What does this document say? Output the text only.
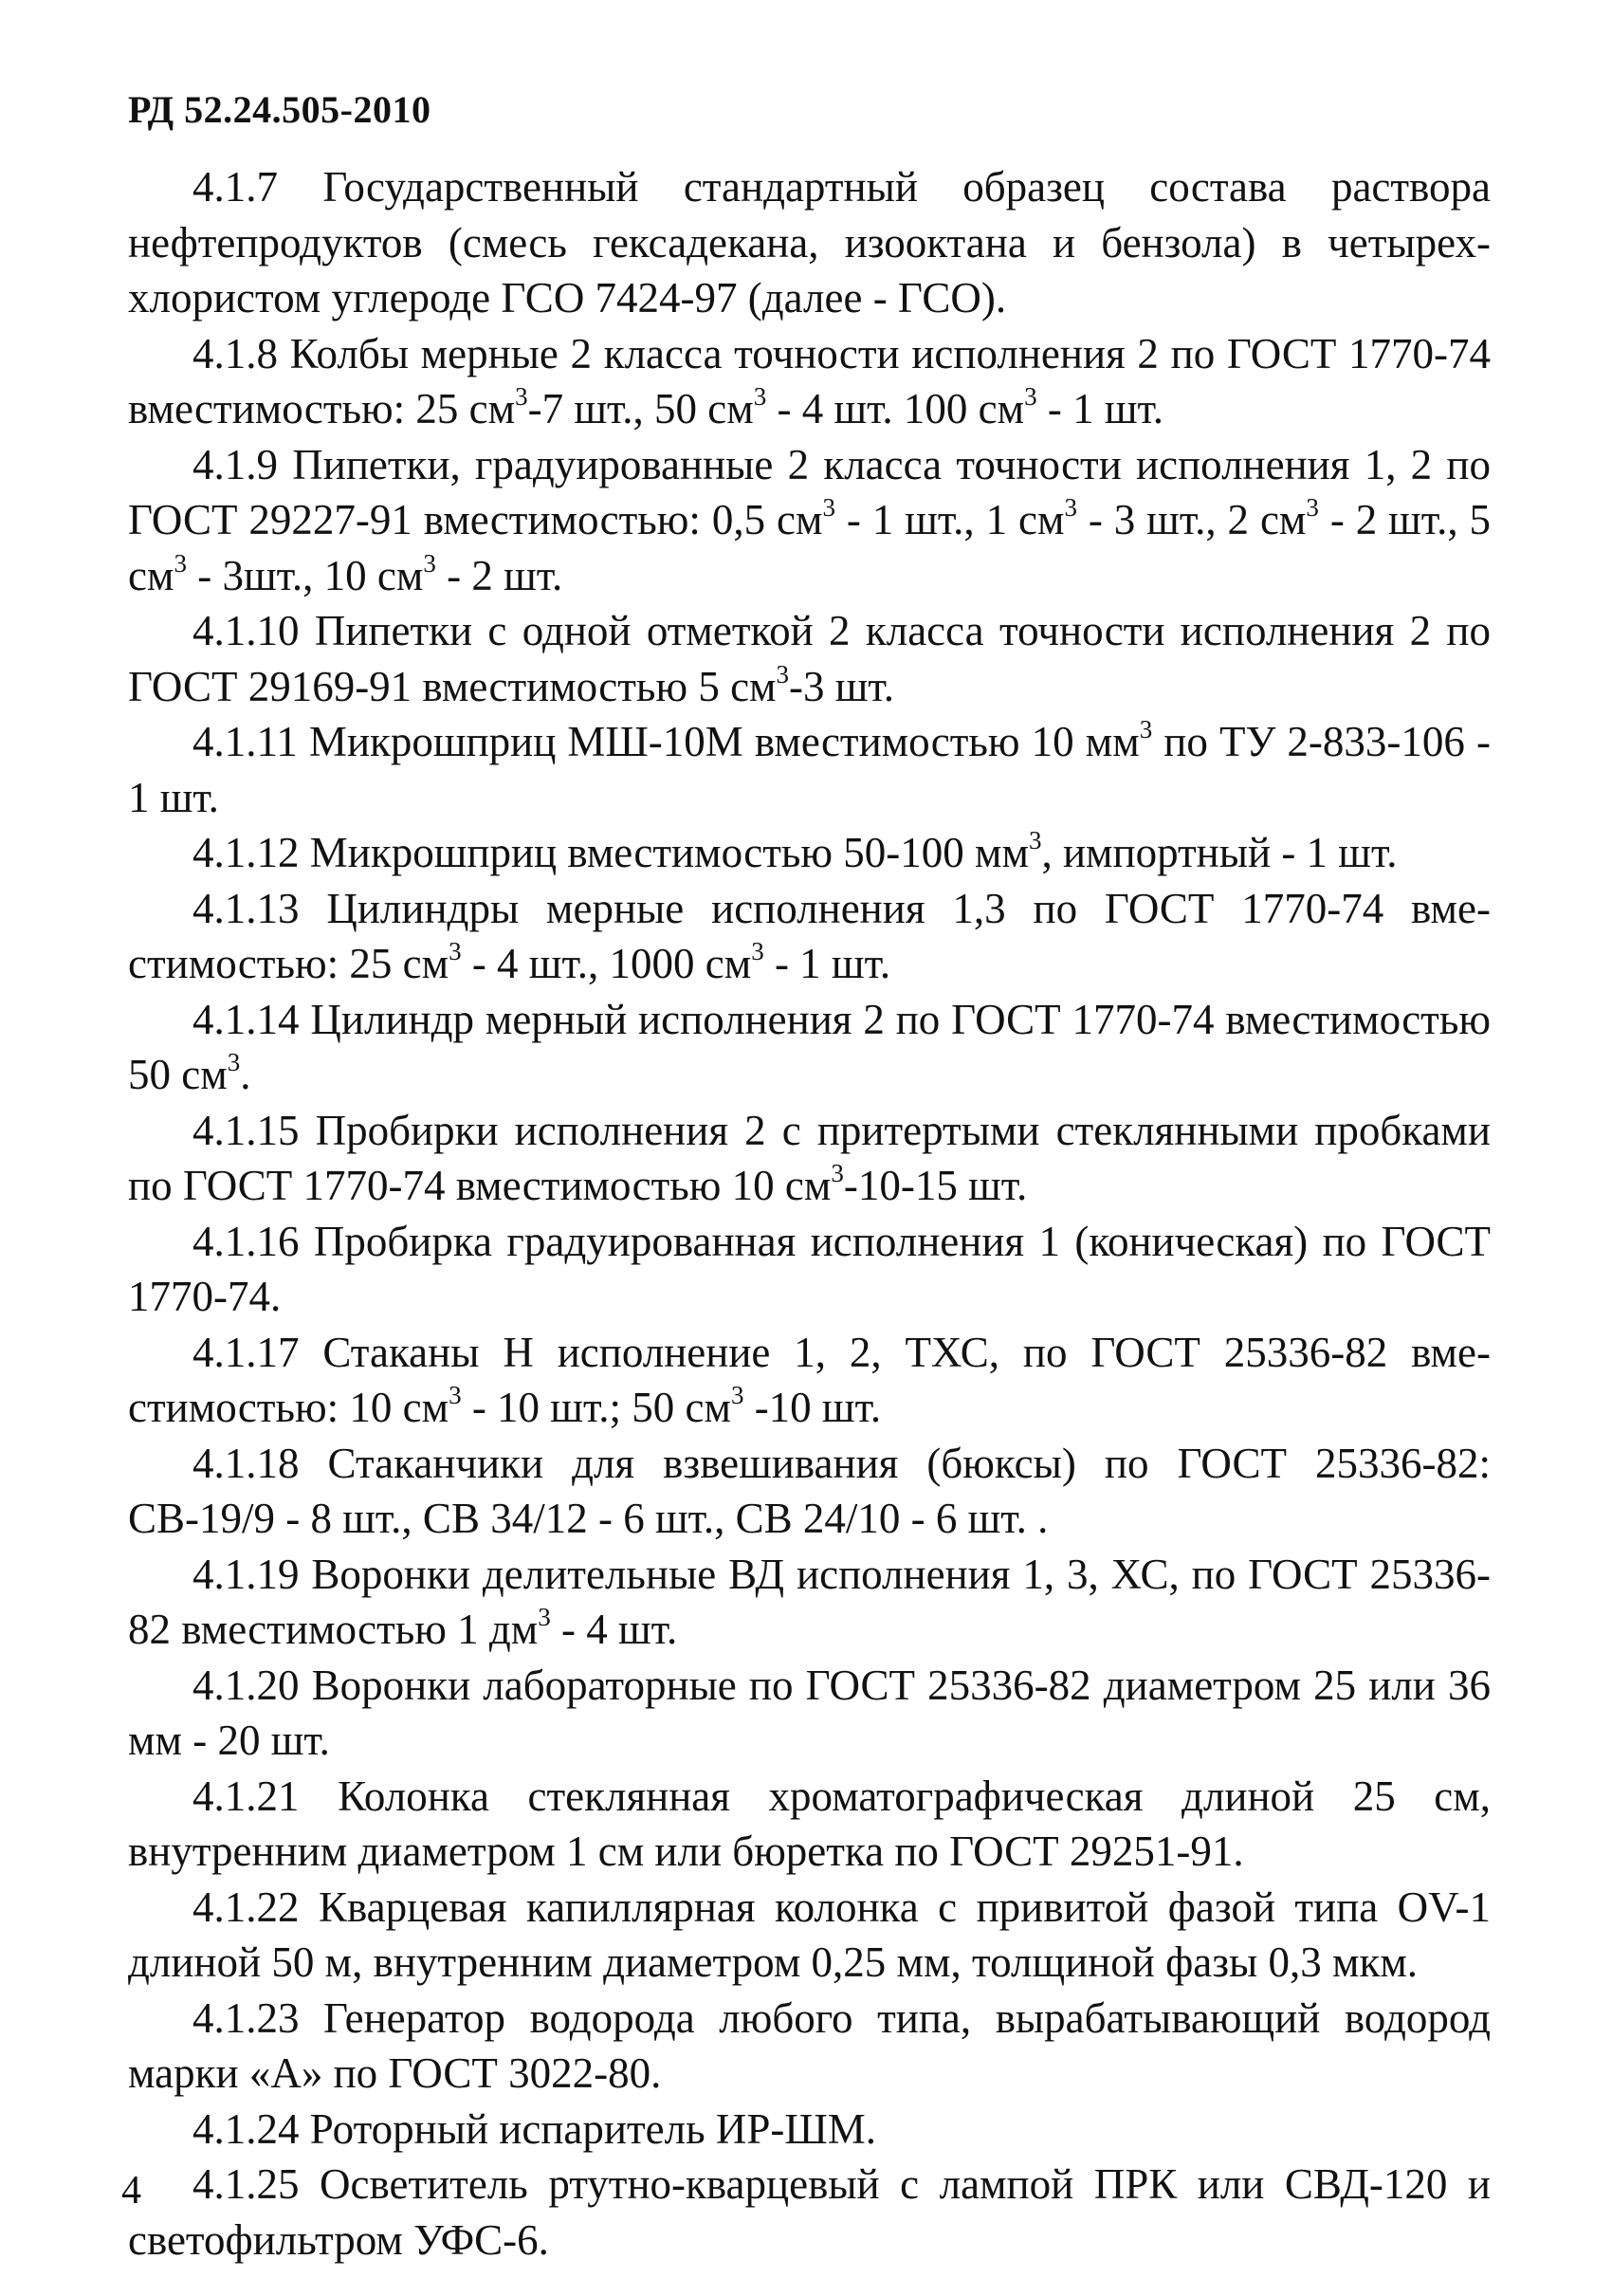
РД 52.24.505-2010

4.1.7 Государственный стандартный образец состава раствора нефтепродуктов (смесь гексадекана, изооктана и бензола) в четыреххлористом углероде ГСО 7424-97 (далее - ГСО).

4.1.8 Колбы мерные 2 класса точности исполнения 2 по ГОСТ 1770-74 вместимостью: 25 $см^3-7$ шт., 50 $см^3 - 4$ шт. 100 $см^3 - 1$ шт.

4.1.9 Пипетки, градуированные 2 класса точности исполнения 1, 2 по ГОСТ 29227-91 вместимостью: 0,5 $см^3 - 1$ шт., 1 $см^3 - 3$ шт., 2 $см^3 - 2$ шт., 5 $см^3 - 3шт$., 10 $см^3 - 2$ шт.

4.1.10 Пипетки с одной отметкой 2 класса точности исполнения 2 по ГОСТ 29169-91 вместимостью 5 $см^3-3$ шт.

4.1.11 Микрошприц МШ-10М вместимостью 10 $мм^3$ по ТУ 2-833-106 - 1 шт.

4.1.12 Микрошприц вместимостью 50-100 $мм^3$, импортный - 1 шт.

4.1.13 Цилиндры мерные исполнения 1,3 по ГОСТ 1770-74 вместимостью: 25 $см^3 - 4$ шт., 1000 $см^3 - 1$ шт.

4.1.14 Цилиндр мерный исполнения 2 по ГОСТ 1770-74 вместимостью 50 $см^3$.

4.1.15 Пробирки исполнения 2 с притертыми стеклянными пробками по ГОСТ 1770-74 вместимостью 10 $см^3-10-15$ шт.

4.1.16 Пробирка градуированная исполнения 1 (коническая) по ГОСТ 1770-74.

4.1.17 Стаканы Н исполнение 1, 2, ТХС, по ГОСТ 25336-82 вместимостью: 10 $см^3 - 10$ шт.; 50 $см^3$ -10 шт.

4.1.18 Стаканчики для взвешивания (бюксы) по ГОСТ 25336-82: СВ-19/9 - 8 шт., СВ 34/12 - 6 шт., СВ 24/10 - 6 шт. .

4.1.19 Воронки делительные ВД исполнения 1, 3, ХС, по ГОСТ 25336-82 вместимостью 1 $дм^3 - 4$ шт.

4.1.20 Воронки лабораторные по ГОСТ 25336-82 диаметром 25 или 36 мм - 20 шт.

4.1.21 Колонка стеклянная хроматографическая длиной 25 см, внутренним диаметром 1 см или бюретка по ГОСТ 29251-91.

4.1.22 Кварцевая капиллярная колонка с привитой фазой типа OV-1 длиной 50 м, внутренним диаметром 0,25 мм, толщиной фазы 0,3 мкм.

4.1.23 Генератор водорода любого типа, вырабатывающий водород марки «А» по ГОСТ 3022-80.

4.1.24 Роторный испаритель ИР-ШМ.

4.1.25 Осветитель ртутно-кварцевый с лампой ПРК или СВД-120 и светофильтром УФС-6.

4
